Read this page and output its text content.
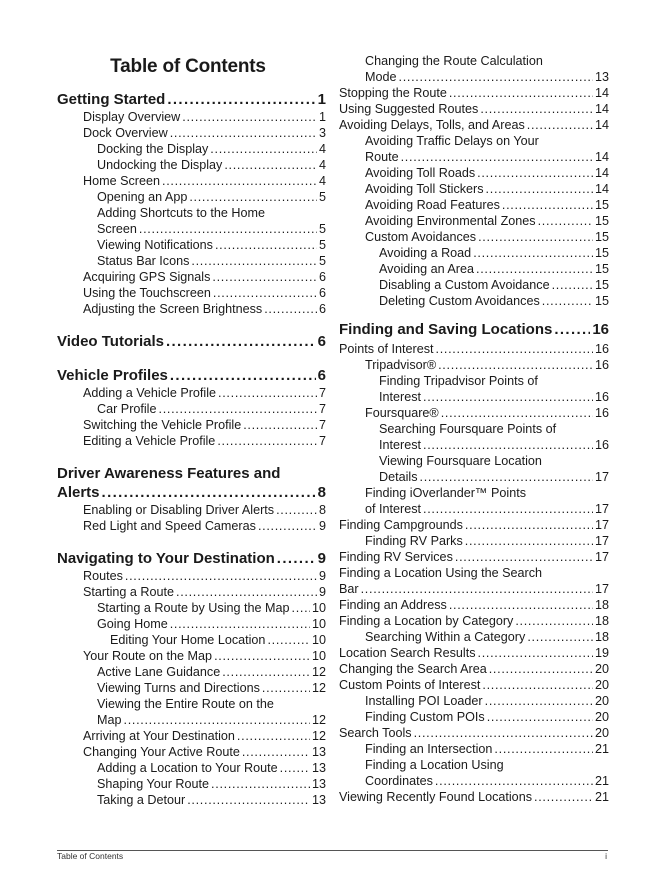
Table of Contents
Getting Started . . .	1
Display Overview . . .	1
Dock Overview . . .	3
Docking the Display . . .	4
Undocking the Display . . .	4
Home Screen . . .	4
Opening an App . . .	5
Adding Shortcuts to the Home
Screen . . .	5
Viewing Notifications . . .	5
Status Bar Icons . . .	5
Acquiring GPS Signals . . .	6
Using the Touchscreen . . .	6
Adjusting the Screen Brightness . . .	6
Video Tutorials . . .	6
Vehicle Profiles . . .	6
Adding a Vehicle Profile . . .	7
Car Profile . . .	7
Switching the Vehicle Profile . . .	7
Editing a Vehicle Profile . . .	7
Driver Awareness Features and
Alerts . . .	8
Enabling or Disabling Driver Alerts . . .	8
Red Light and Speed Cameras . . .	9
Navigating to Your Destination . . .	9
Routes . . .	9
Starting a Route . . .	9
Starting a Route by Using the Map . . . 10
Going Home . . .	10
Editing Your Home Location . . .	10
Your Route on the Map . . .	10
Active Lane Guidance . . .	12
Viewing Turns and Directions . . .	12
Viewing the Entire Route on the
Map . . .	12
Arriving at Your Destination . . .	12
Changing Your Active Route . . .	13
Adding a Location to Your Route . . .	13
Shaping Your Route . . .	13
Taking a Detour . . .	13
Changing the Route Calculation
Mode . . .	13
Stopping the Route . . .	14
Using Suggested Routes . . .	14
Avoiding Delays, Tolls, and Areas . . .	14
Avoiding Traffic Delays on Your
Route . . .	14
Avoiding Toll Roads . . .	14
Avoiding Toll Stickers . . .	14
Avoiding Road Features . . .	15
Avoiding Environmental Zones . . .	15
Custom Avoidances . . .	15
Avoiding a Road . . .	15
Avoiding an Area . . .	15
Disabling a Custom Avoidance . . .	15
Deleting Custom Avoidances . . .	15
Finding and Saving Locations . . .	16
Points of Interest . . .	16
Tripadvisor® . . .	16
Finding Tripadvisor Points of
Interest . . .	16
Foursquare® . . .	16
Searching Foursquare Points of
Interest . . .	16
Viewing Foursquare Location
Details . . .	17
Finding iOverlander™ Points
of Interest . . .	17
Finding Campgrounds . . .	17
Finding RV Parks . . .	17
Finding RV Services . . .	17
Finding a Location Using the Search
Bar . . .	17
Finding an Address . . .	18
Finding a Location by Category . . .	18
Searching Within a Category . . .	18
Location Search Results . . .	19
Changing the Search Area . . .	20
Custom Points of Interest . . .	20
Installing POI Loader . . .	20
Finding Custom POIs . . .	20
Search Tools . . .	20
Finding an Intersection . . .	21
Finding a Location Using
Coordinates . . .	21
Viewing Recently Found Locations . . .	21
Table of Contents	i
